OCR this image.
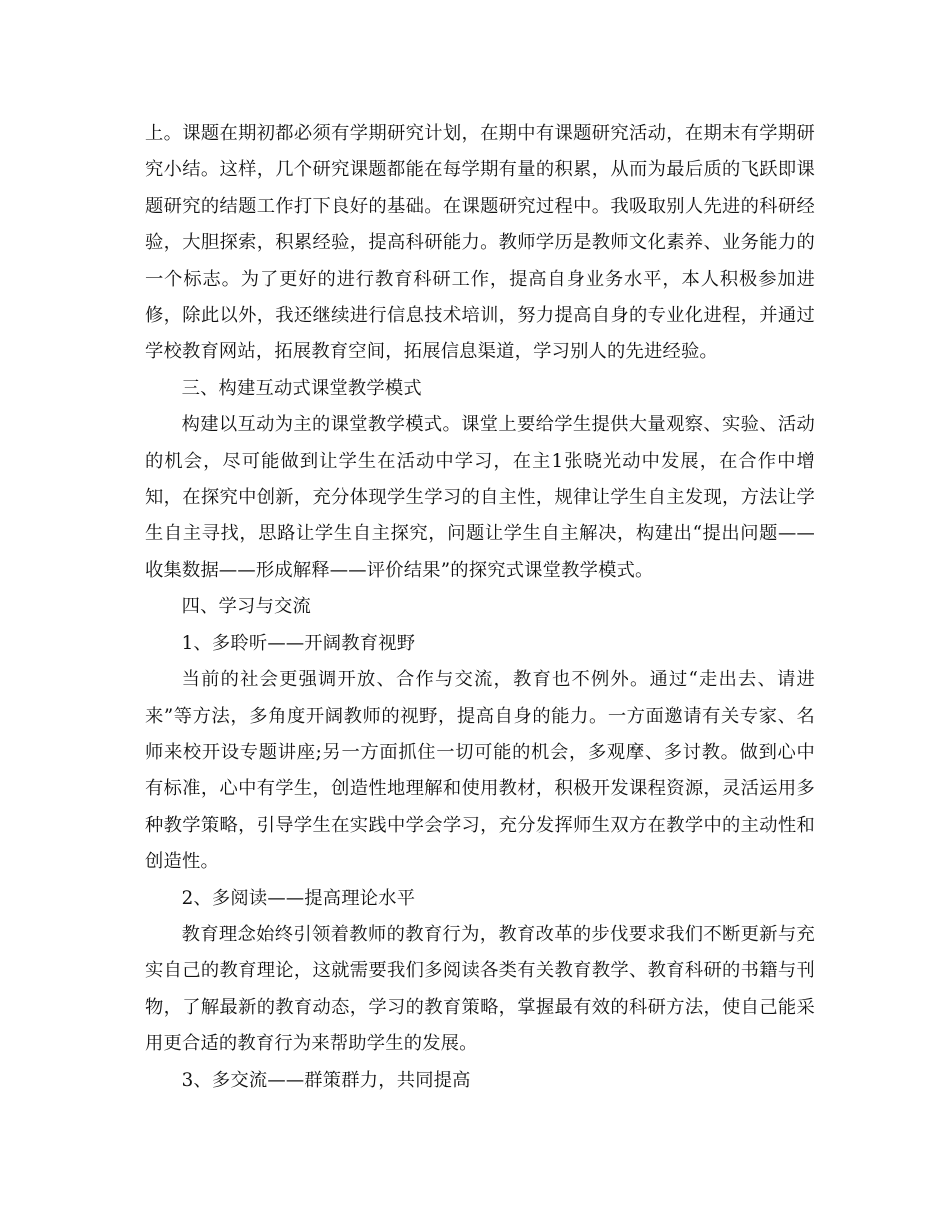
上。课题在期初都必须有学期研究计划，在期中有课题研究活动，在期末有学期研究小结。这样，几个研究课题都能在每学期有量的积累，从而为最后质的飞跃即课题研究的结题工作打下良好的基础。在课题研究过程中。我吸取别人先进的科研经验，大胆探索，积累经验，提高科研能力。教师学历是教师文化素养、业务能力的一个标志。为了更好的进行教育科研工作，提高自身业务水平，本人积极参加进修，除此以外，我还继续进行信息技术培训，努力提高自身的专业化进程，并通过学校教育网站，拓展教育空间，拓展信息渠道，学习别人的先进经验。

三、构建互动式课堂教学模式

构建以互动为主的课堂教学模式。课堂上要给学生提供大量观察、实验、活动的机会，尽可能做到让学生在活动中学习，在主1张晓光动中发展，在合作中增知，在探究中创新，充分体现学生学习的自主性，规律让学生自主发现，方法让学生自主寻找，思路让学生自主探究，问题让学生自主解决，构建出“提出问题——收集数据——形成解释——评价结果”的探究式课堂教学模式。

四、学习与交流

1、多聆听——开阔教育视野

当前的社会更强调开放、合作与交流，教育也不例外。通过“走出去、请进来”等方法，多角度开阔教师的视野，提高自身的能力。一方面邀请有关专家、名师来校开设专题讲座;另一方面抓住一切可能的机会，多观摩、多讨教。做到心中有标准，心中有学生，创造性地理解和使用教材，积极开发课程资源，灵活运用多种教学策略，引导学生在实践中学会学习，充分发挥师生双方在教学中的主动性和创造性。

2、多阅读——提高理论水平

教育理念始终引领着教师的教育行为，教育改革的步伐要求我们不断更新与充实自己的教育理论，这就需要我们多阅读各类有关教育教学、教育科研的书籍与刊物，了解最新的教育动态，学习的教育策略，掌握最有效的科研方法，使自己能采用更合适的教育行为来帮助学生的发展。

3、多交流——群策群力，共同提高
